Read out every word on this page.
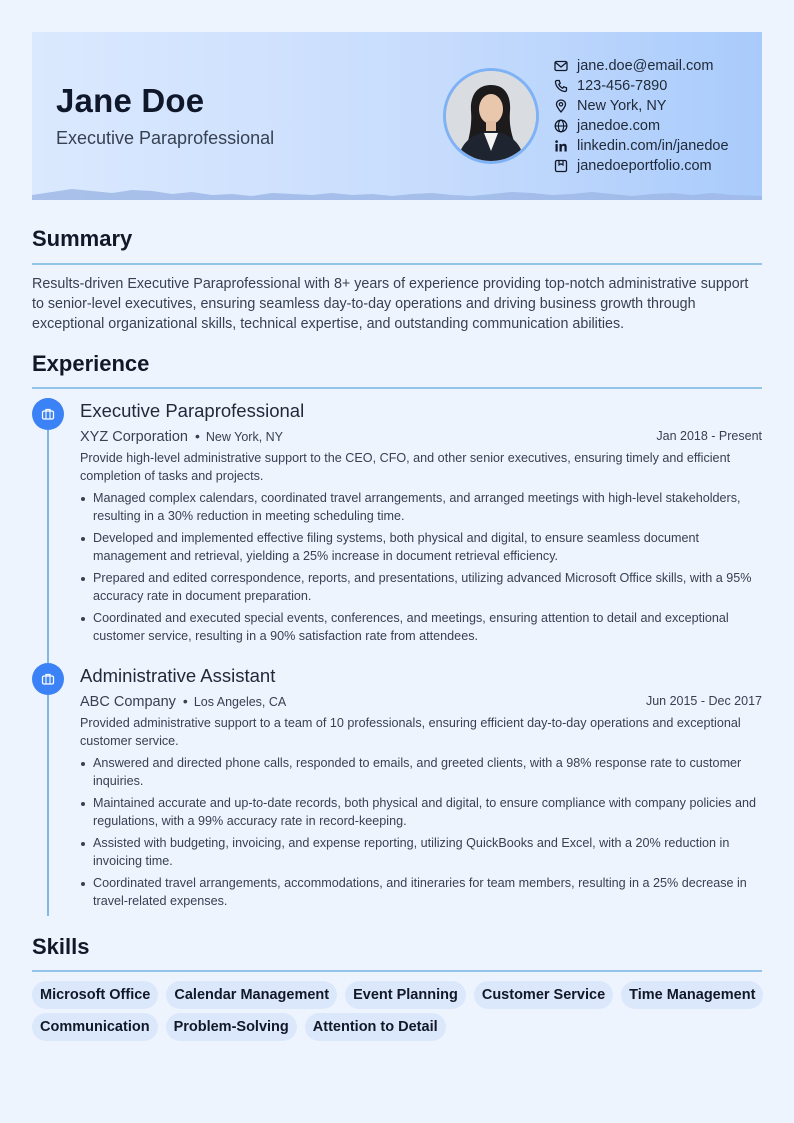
Jane Doe
Executive Paraprofessional
jane.doe@email.com
123-456-7890
New York, NY
janedoe.com
linkedin.com/in/janedoe
janedoeportfolio.com
Summary
Results-driven Executive Paraprofessional with 8+ years of experience providing top-notch administrative support to senior-level executives, ensuring seamless day-to-day operations and driving business growth through exceptional organizational skills, technical expertise, and outstanding communication abilities.
Experience
Executive Paraprofessional
XYZ Corporation • New York, NY	Jan 2018 - Present
Provide high-level administrative support to the CEO, CFO, and other senior executives, ensuring timely and efficient completion of tasks and projects.
Managed complex calendars, coordinated travel arrangements, and arranged meetings with high-level stakeholders, resulting in a 30% reduction in meeting scheduling time.
Developed and implemented effective filing systems, both physical and digital, to ensure seamless document management and retrieval, yielding a 25% increase in document retrieval efficiency.
Prepared and edited correspondence, reports, and presentations, utilizing advanced Microsoft Office skills, with a 95% accuracy rate in document preparation.
Coordinated and executed special events, conferences, and meetings, ensuring attention to detail and exceptional customer service, resulting in a 90% satisfaction rate from attendees.
Administrative Assistant
ABC Company • Los Angeles, CA	Jun 2015 - Dec 2017
Provided administrative support to a team of 10 professionals, ensuring efficient day-to-day operations and exceptional customer service.
Answered and directed phone calls, responded to emails, and greeted clients, with a 98% response rate to customer inquiries.
Maintained accurate and up-to-date records, both physical and digital, to ensure compliance with company policies and regulations, with a 99% accuracy rate in record-keeping.
Assisted with budgeting, invoicing, and expense reporting, utilizing QuickBooks and Excel, with a 20% reduction in invoicing time.
Coordinated travel arrangements, accommodations, and itineraries for team members, resulting in a 25% decrease in travel-related expenses.
Skills
Microsoft Office	Calendar Management	Event Planning	Customer Service	Time Management
Communication	Problem-Solving	Attention to Detail
